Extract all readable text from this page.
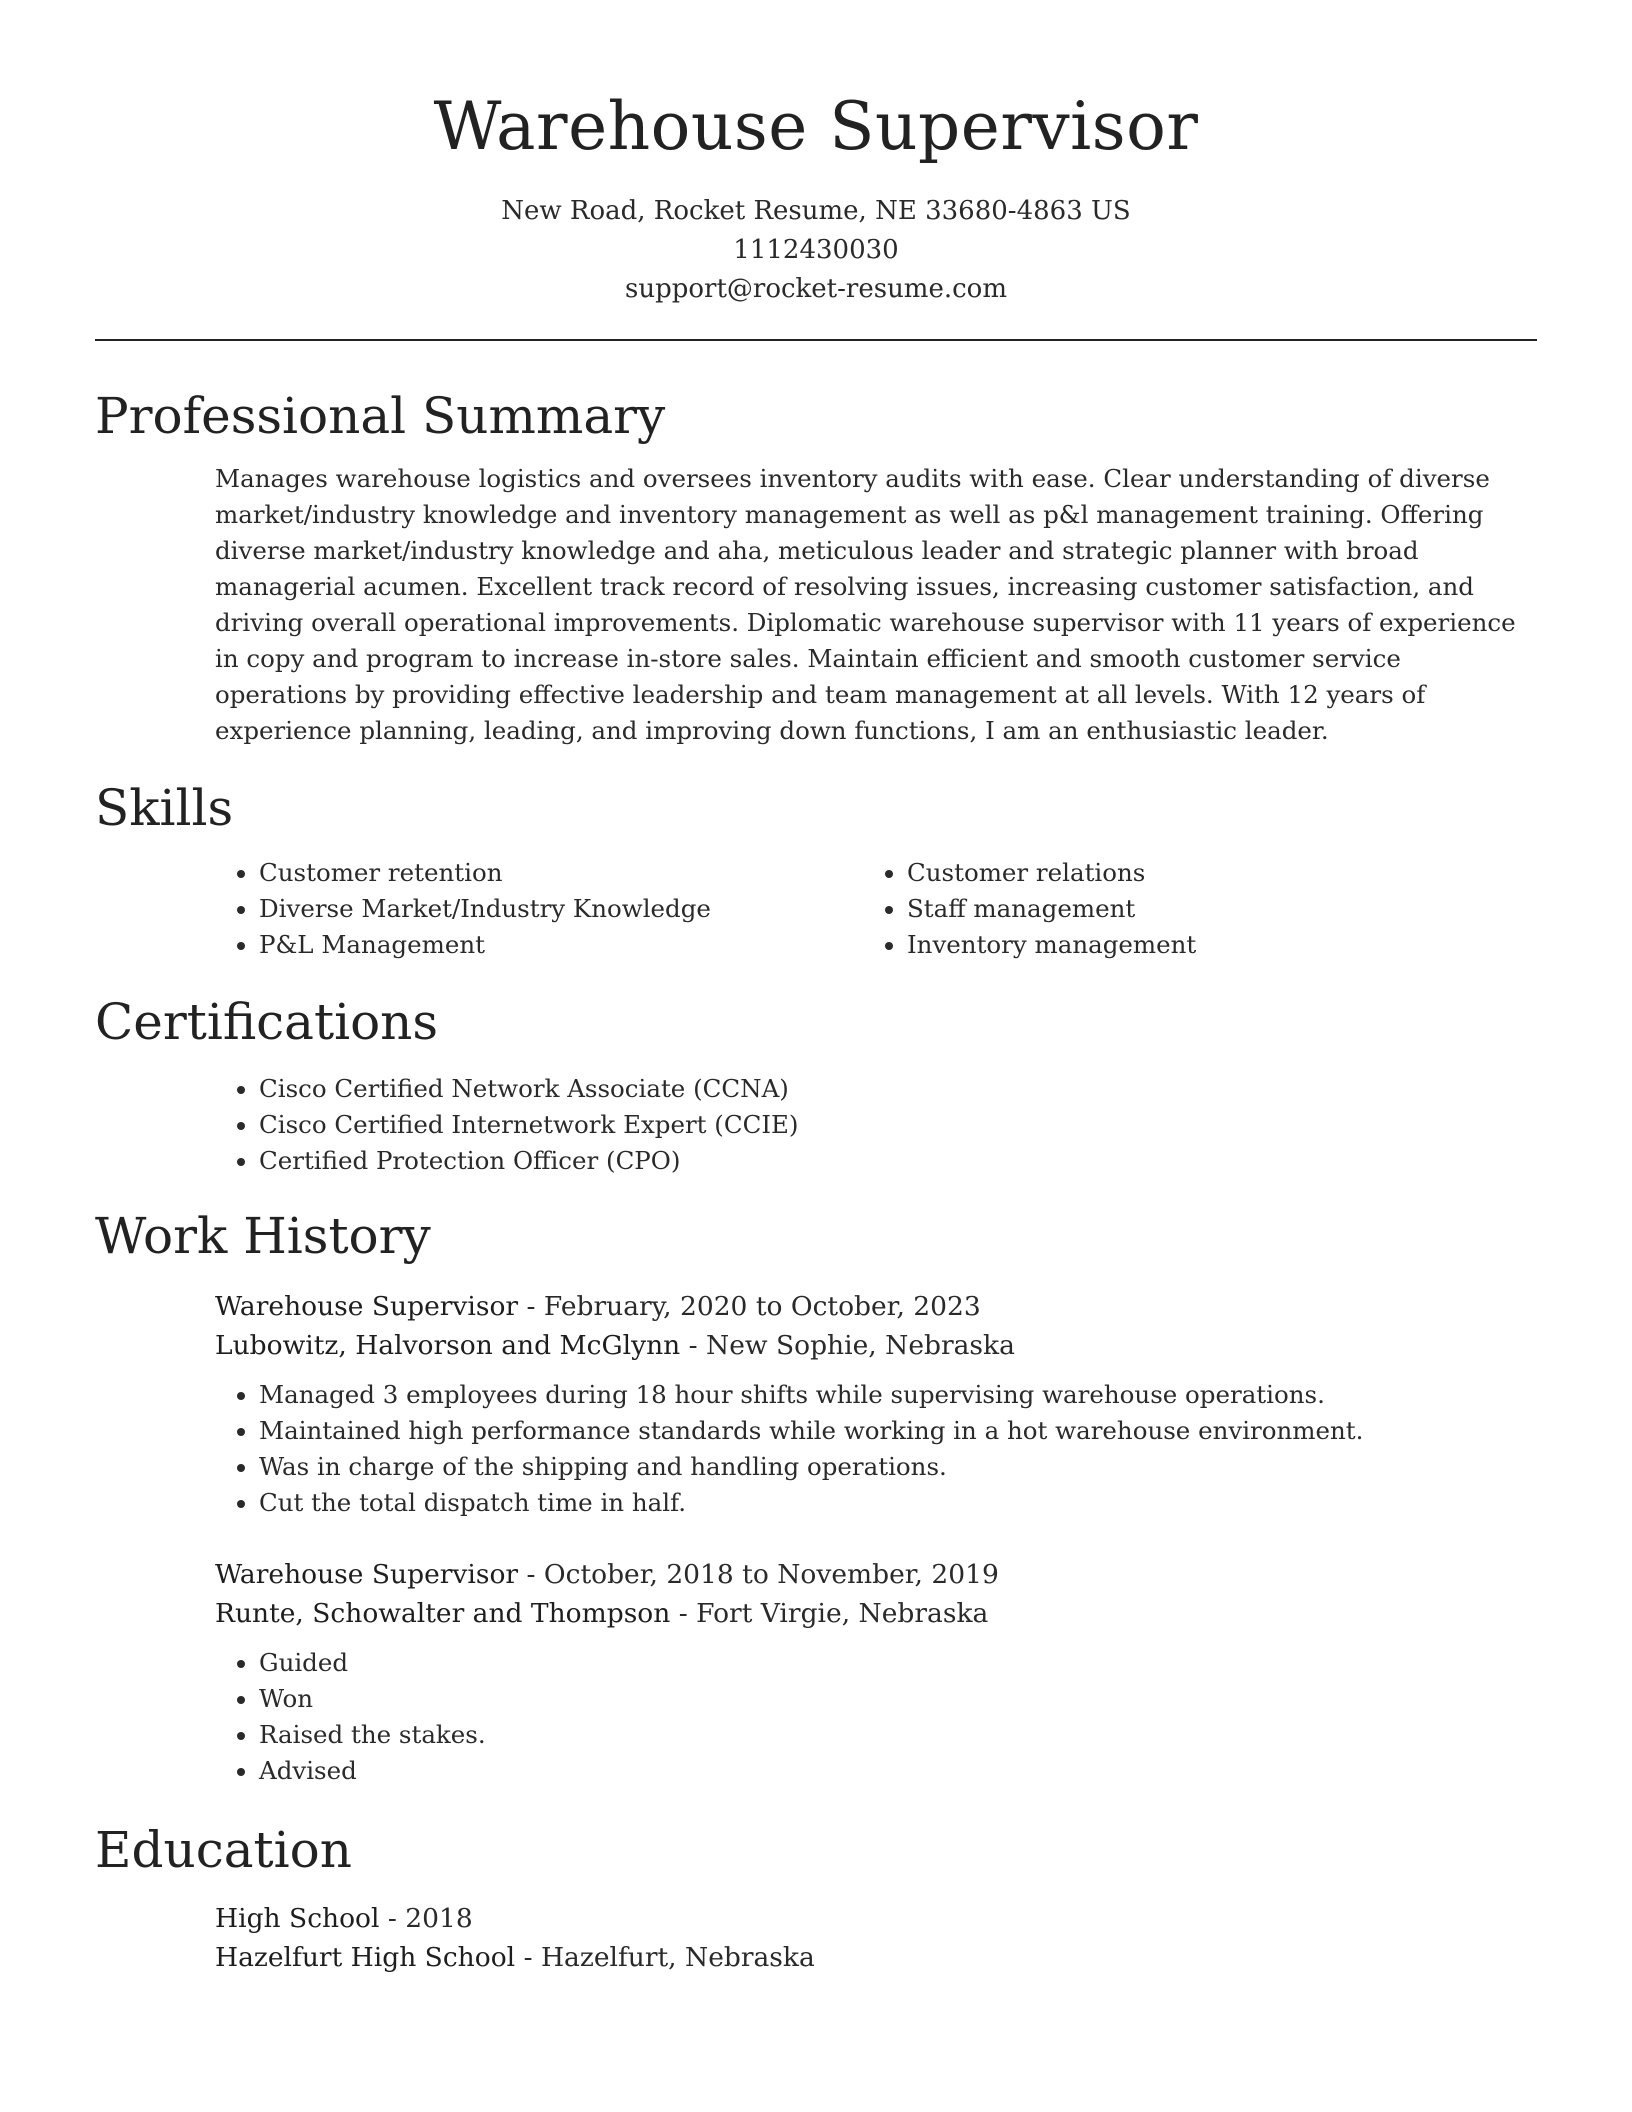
Warehouse Supervisor
New Road, Rocket Resume, NE 33680-4863 US
1112430030
support@rocket-resume.com
Professional Summary
Manages warehouse logistics and oversees inventory audits with ease. Clear understanding of diverse market/industry knowledge and inventory management as well as p&l management training. Offering diverse market/industry knowledge and aha, meticulous leader and strategic planner with broad managerial acumen. Excellent track record of resolving issues, increasing customer satisfaction, and driving overall operational improvements. Diplomatic warehouse supervisor with 11 years of experience in copy and program to increase in-store sales. Maintain efficient and smooth customer service operations by providing effective leadership and team management at all levels. With 12 years of experience planning, leading, and improving down functions, I am an enthusiastic leader.
Skills
• Customer retention
• Diverse Market/Industry Knowledge
• P&L Management
• Customer relations
• Staff management
• Inventory management
Certifications
• Cisco Certified Network Associate (CCNA)
• Cisco Certified Internetwork Expert (CCIE)
• Certified Protection Officer (CPO)
Work History
Warehouse Supervisor - February, 2020 to October, 2023
Lubowitz, Halvorson and McGlynn - New Sophie, Nebraska
• Managed 3 employees during 18 hour shifts while supervising warehouse operations.
• Maintained high performance standards while working in a hot warehouse environment.
• Was in charge of the shipping and handling operations.
• Cut the total dispatch time in half.
Warehouse Supervisor - October, 2018 to November, 2019
Runte, Schowalter and Thompson - Fort Virgie, Nebraska
• Guided
• Won
• Raised the stakes.
• Advised
Education
High School - 2018
Hazelfurt High School - Hazelfurt, Nebraska
